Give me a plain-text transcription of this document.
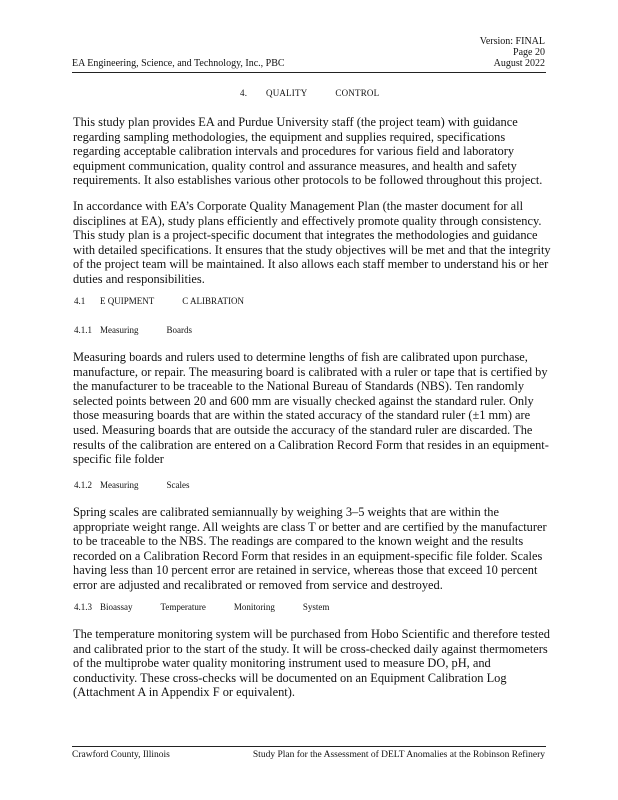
Version: FINAL
Page 20
August 2022
EA Engineering, Science, and Technology, Inc., PBC
4. QUALITY	CONTROL
This study plan provides EA and Purdue University staff (the project team) with guidance regarding sampling methodologies, the equipment and supplies required, specifications regarding acceptable calibration intervals and procedures for various field and laboratory equipment communication, quality control and assurance measures, and health and safety requirements. It also establishes various other protocols to be followed throughout this project.
In accordance with EA’s Corporate Quality Management Plan (the master document for all disciplines at EA), study plans efficiently and effectively promote quality through consistency. This study plan is a project-specific document that integrates the methodologies and guidance with detailed specifications. It ensures that the study objectives will be met and that the integrity of the project team will be maintained. It also allows each staff member to understand his or her duties and responsibilities.
4.1 E QUIPMENT	C ALIBRATION
4.1.1 Measuring	Boards
Measuring boards and rulers used to determine lengths of fish are calibrated upon purchase, manufacture, or repair. The measuring board is calibrated with a ruler or tape that is certified by the manufacturer to be traceable to the National Bureau of Standards (NBS). Ten randomly selected points between 20 and 600 mm are visually checked against the standard ruler. Only those measuring boards that are within the stated accuracy of the standard ruler (±1 mm) are used. Measuring boards that are outside the accuracy of the standard ruler are discarded. The results of the calibration are entered on a Calibration Record Form that resides in an equipment-specific file folder
4.1.2 Measuring	Scales
Spring scales are calibrated semiannually by weighing 3–5 weights that are within the appropriate weight range. All weights are class T or better and are certified by the manufacturer to be traceable to the NBS. The readings are compared to the known weight and the results recorded on a Calibration Record Form that resides in an equipment-specific file folder. Scales having less than 10 percent error are retained in service, whereas those that exceed 10 percent error are adjusted and recalibrated or removed from service and destroyed.
4.1.3 Bioassay	Temperature	Monitoring	System
The temperature monitoring system will be purchased from Hobo Scientific and therefore tested and calibrated prior to the start of the study. It will be cross-checked daily against thermometers of the multiprobe water quality monitoring instrument used to measure DO, pH, and conductivity. These cross-checks will be documented on an Equipment Calibration Log (Attachment A in Appendix F or equivalent).
Crawford County, Illinois	Study Plan for the Assessment of DELT Anomalies at the Robinson Refinery
